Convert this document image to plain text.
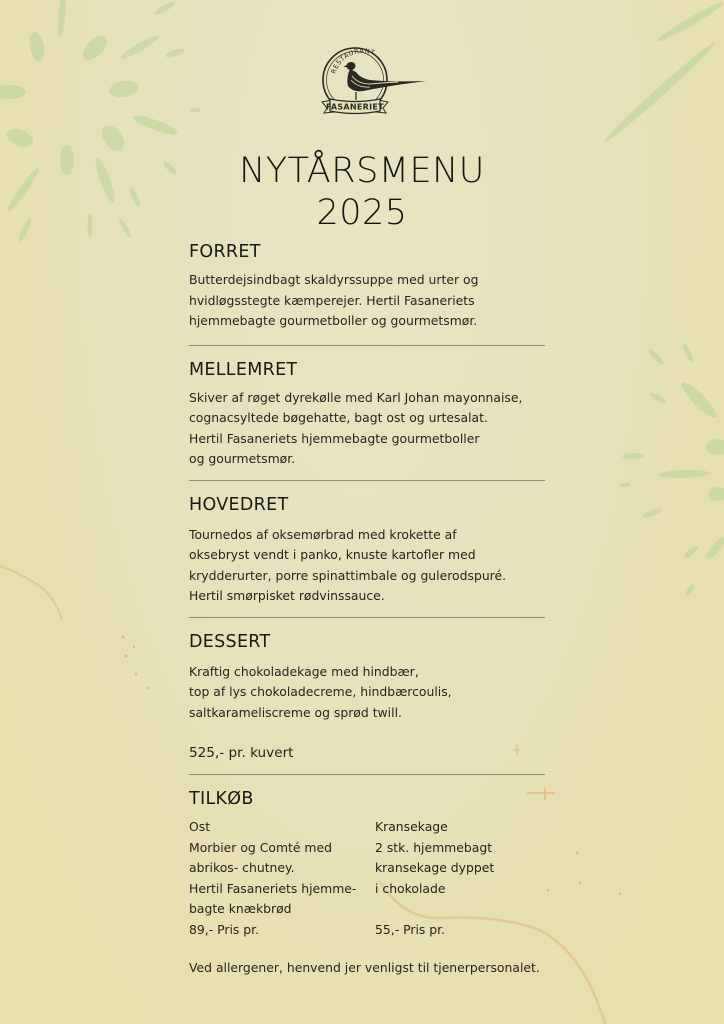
RESTAURANT
FASANERIET
NYTÅRSMENU
2025
FORRET

Butterdejsindbagt skaldyrssuppe med urter og
hvidløgsstegte kæmperejer. Hertil Fasaneriets
hjemmebagte gourmetboller og gourmetsmør.

MELLEMRET

Skiver af røget dyrekølle med Karl Johan mayonnaise,
cognacsyltede bøgehatte, bagt ost og urtesalat.
Hertil Fasaneriets hjemmebagte gourmetboller
og gourmetsmør.

HOVEDRET

Tournedos af oksemørbrad med krokette af
oksebryst vendt i panko, knuste kartofler med
krydderurter, porre spinattimbale og gulerodspuré.
Hertil smørpisket rødvinssauce.

DESSERT

Kraftig chokoladekage med hindbær,
top af lys chokoladecreme, hindbærcoulis,
saltkarameliscreme og sprød twill.

525,- pr. kuvert
TILKØB
Ost
Morbier og Comté med
abrikos- chutney.
Hertil Fasaneriets hjemme-
bagte knækbrød
89,- Pris pr.
Kransekage
2 stk. hjemmebagt
kransekage dyppet
i chokolade
55,- Pris pr.
Ved allergener, henvend jer venligst til tjenerpersonalet.
